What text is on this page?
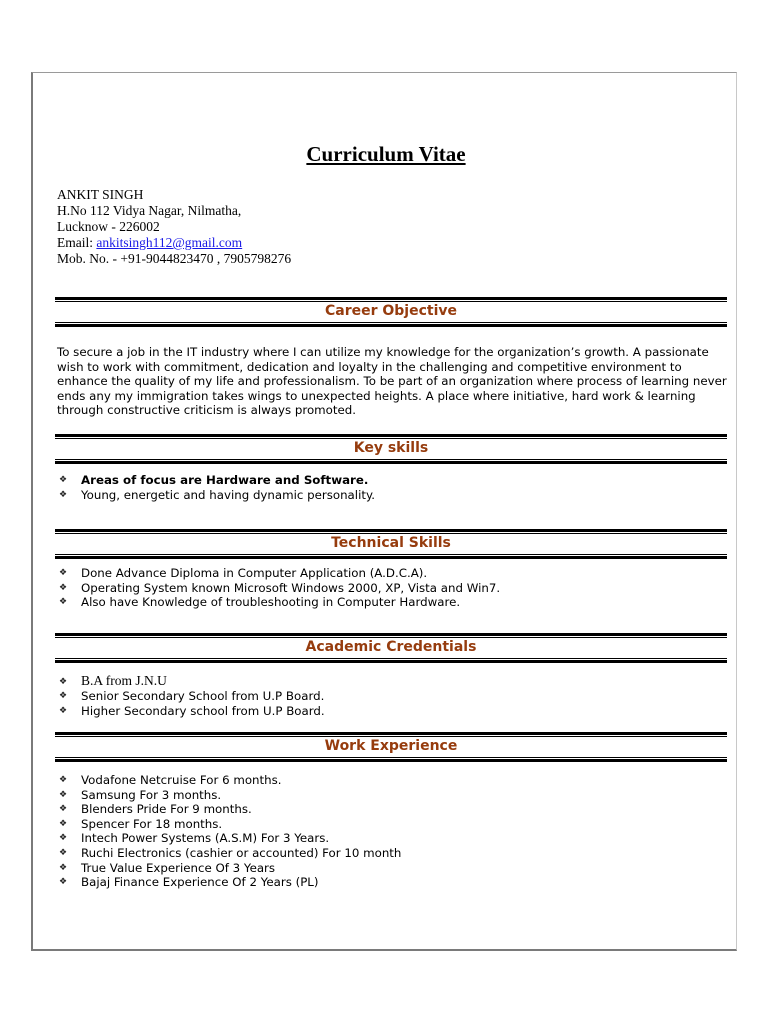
Curriculum Vitae
ANKIT SINGH
H.No 112 Vidya Nagar, Nilmatha,
Lucknow - 226002
Email: ankitsingh112@gmail.com
Mob. No. - +91-9044823470 , 7905798276
Career Objective
To secure a job in the IT industry where I can utilize my knowledge for the organization’s growth. A passionate wish to work with commitment, dedication and loyalty in the challenging and competitive environment to enhance the quality of my life and professionalism. To be part of an organization where process of learning never ends any my immigration takes wings to unexpected heights. A place where initiative, hard work & learning through constructive criticism is always promoted.
Key skills
❖ Areas of focus are Hardware and Software.
❖ Young, energetic and having dynamic personality.
Technical Skills
❖ Done Advance Diploma in Computer Application (A.D.C.A).
❖ Operating System known Microsoft Windows 2000, XP, Vista and Win7.
❖ Also have Knowledge of troubleshooting in Computer Hardware.
Academic Credentials
❖ B.A from J.N.U
❖ Senior Secondary School from U.P Board.
❖ Higher Secondary school from U.P Board.
Work Experience
❖ Vodafone Netcruise For 6 months.
❖ Samsung For 3 months.
❖ Blenders Pride For 9 months.
❖ Spencer For 18 months.
❖ Intech Power Systems (A.S.M) For 3 Years.
❖ Ruchi Electronics (cashier or accounted) For 10 month
❖ True Value Experience Of 3 Years
❖ Bajaj Finance Experience Of 2 Years (PL)
